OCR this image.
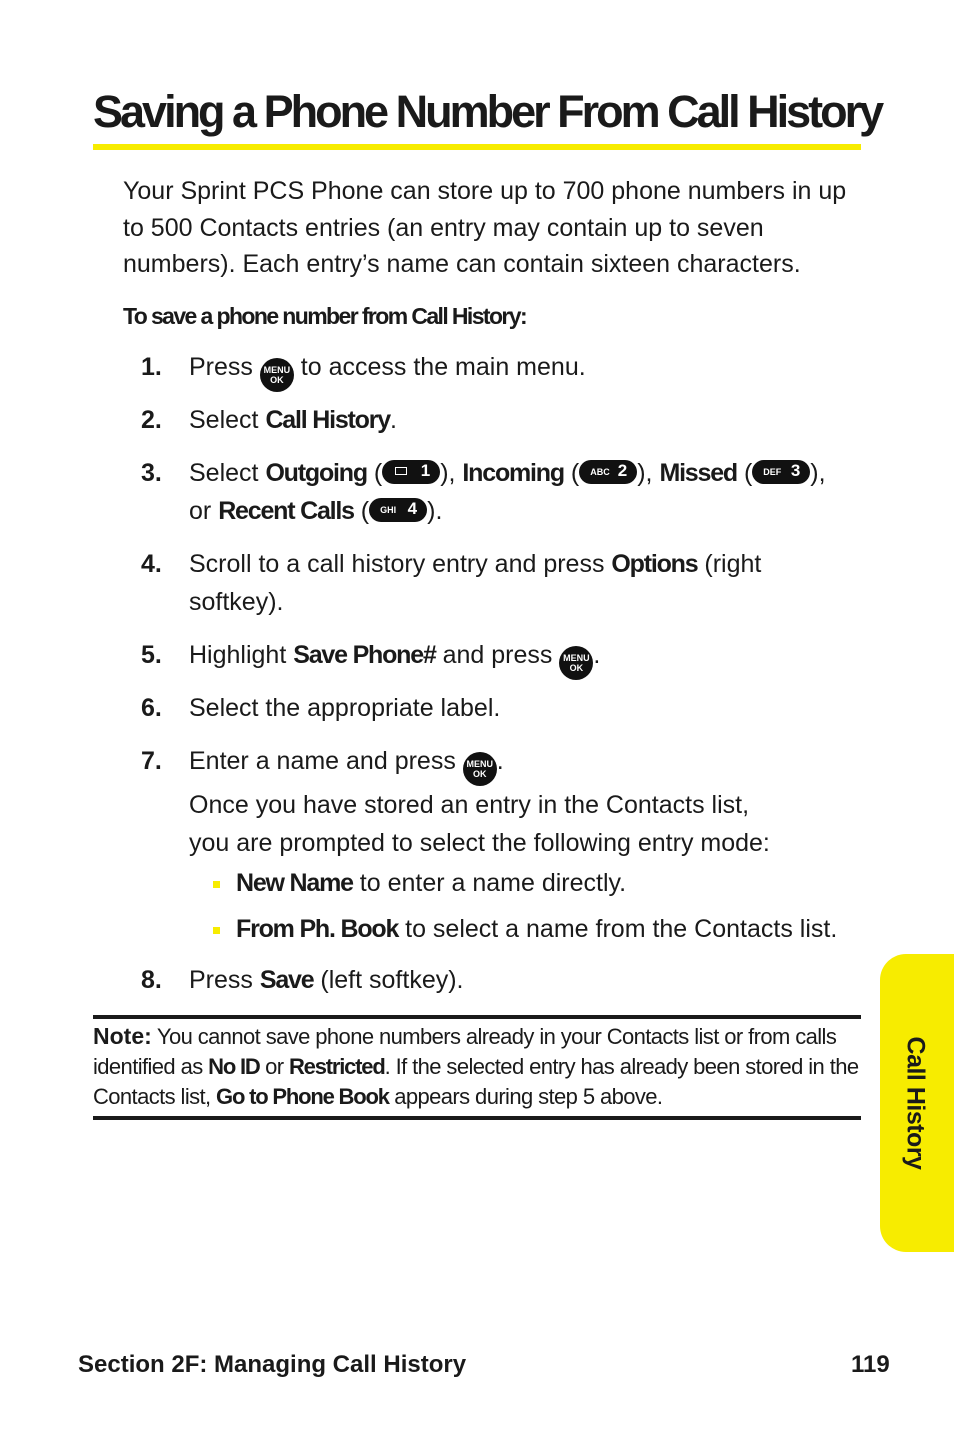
Saving a Phone Number From Call History

Your Sprint PCS Phone can store up to 700 phone numbers in up to 500 Contacts entries (an entry may contain up to seven numbers). Each entry’s name can contain sixteen characters.

To save a phone number from Call History:

1. Press MENU
OK to access the main menu.
2. Select Call History.
3. Select Outgoing ( 1 ), Incoming ( ABC 2 ), Missed ( DEF 3 ),
or Recent Calls ( GHI 4 ).
4. Scroll to a call history entry and press Options (right softkey).
5. Highlight Save Phone# and press MENU
OK .
6. Select the appropriate label.
7. Enter a name and press MENU
OK .
Once you have stored an entry in the Contacts list,
you are prompted to select the following entry mode:
New Name to enter a name directly.
From Ph. Book to select a name from the Contacts list.
8. Press Save (left softkey).

Note: You cannot save phone numbers already in your Contacts list or from calls identified as No ID or Restricted. If the selected entry has already been stored in the Contacts list, Go to Phone Book appears during step 5 above.	Call History
Section 2F: Managing Call History	119
